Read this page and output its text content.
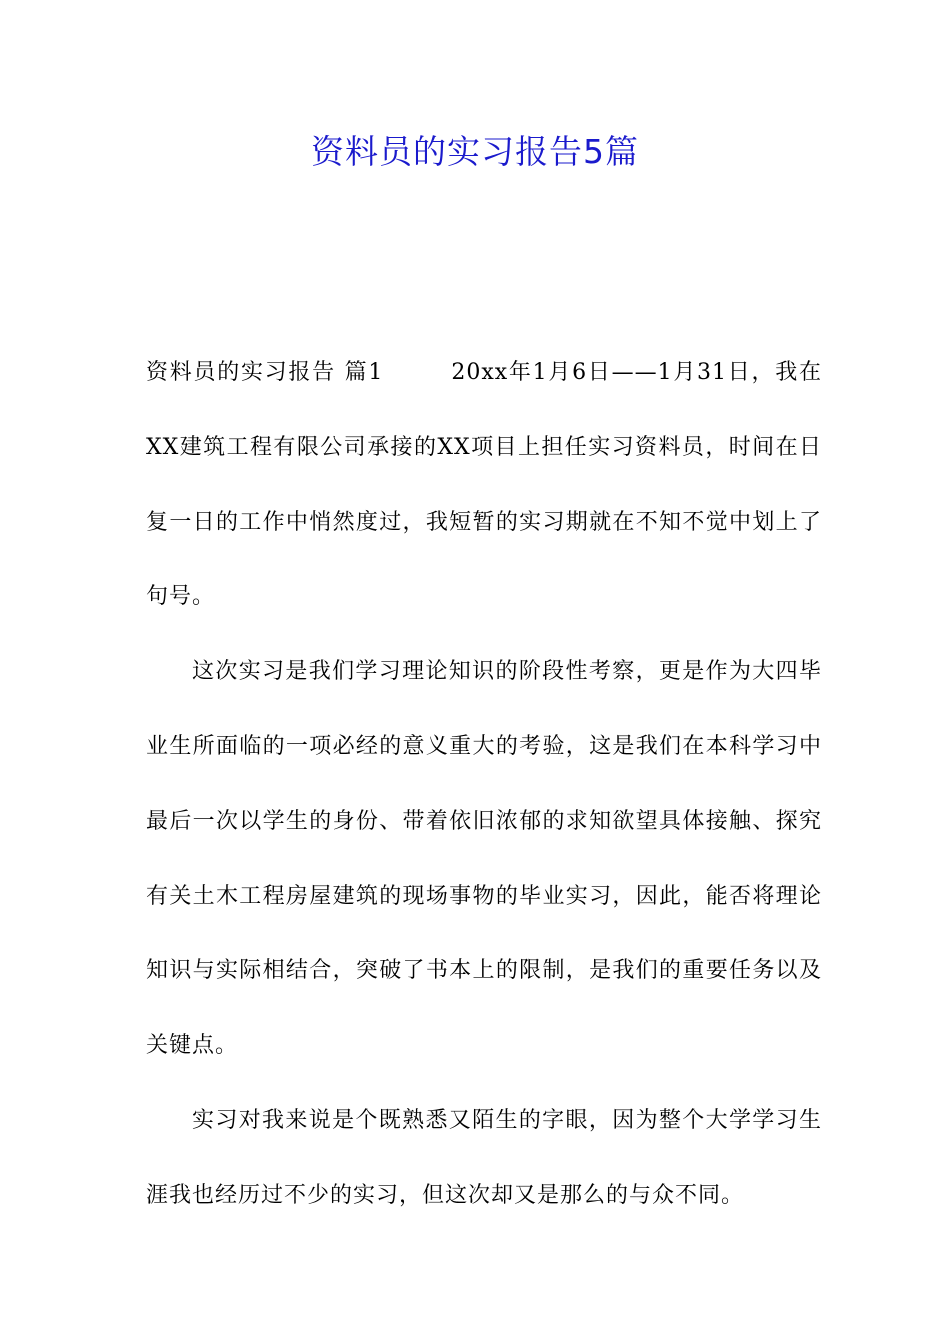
资料员的实习报告5篇

资料员的实习报告 篇1	20xx年1月6日——1月31日，我在XX建筑工程有限公司承接的XX项目上担任实习资料员，时间在日复一日的工作中悄然度过，我短暂的实习期就在不知不觉中划上了句号。

这次实习是我们学习理论知识的阶段性考察，更是作为大四毕业生所面临的一项必经的意义重大的考验，这是我们在本科学习中最后一次以学生的身份、带着依旧浓郁的求知欲望具体接触、探究有关土木工程房屋建筑的现场事物的毕业实习，因此，能否将理论知识与实际相结合，突破了书本上的限制，是我们的重要任务以及关键点。

实习对我来说是个既熟悉又陌生的字眼，因为整个大学学习生涯我也经历过不少的实习，但这次却又是那么的与众不同。
